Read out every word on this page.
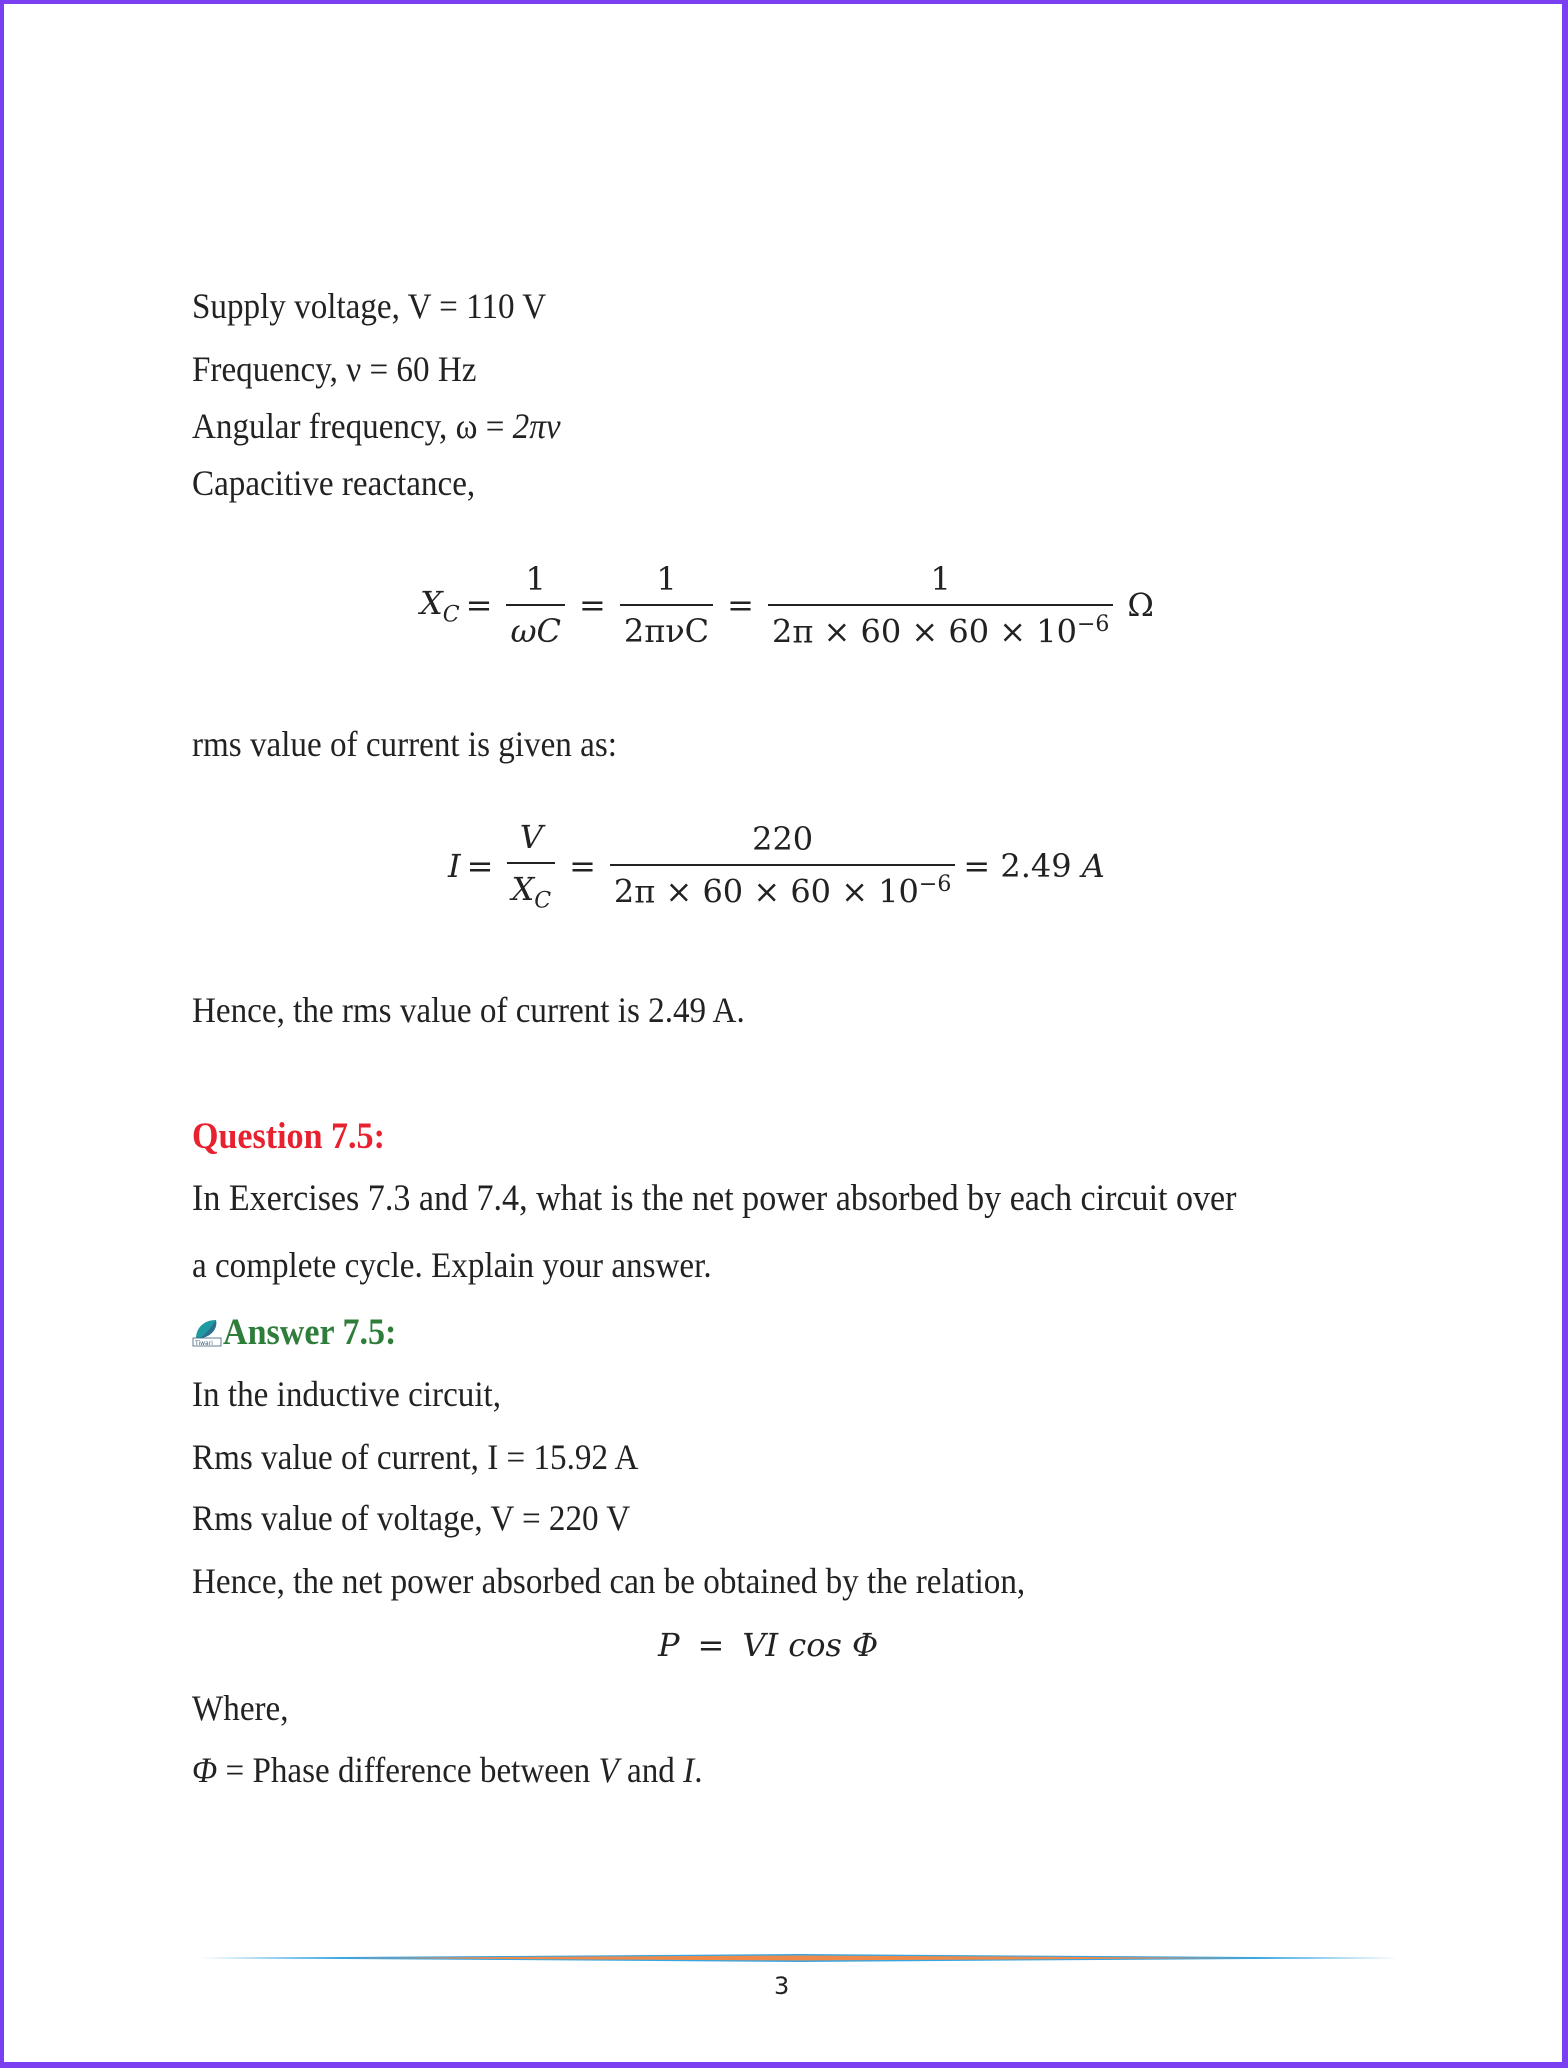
Supply voltage, V = 110 V
Frequency, ν = 60 Hz
Angular frequency, ω = 2πν
Capacitive reactance,
$X_C = \frac{1}{\omega C} = \frac{1}{\text{2πνC}} = \frac{1}{2\pi \times 60 \times 60 \times 10^{-6}}$ Ω
rms value of current is given as:
$I = \frac{V}{X_C} = \frac{220}{2\pi \times 60 \times 60 \times 10^{-6}} = 2.49$ A
Hence, the rms value of current is 2.49 A.
Question 7.5:
In Exercises 7.3 and 7.4, what is the net power absorbed by each circuit over
a complete cycle. Explain your answer.
Tiwari Answer 7.5:
In the inductive circuit,
Rms value of current, I = 15.92 A
Rms value of voltage, V = 220 V
Hence, the net power absorbed can be obtained by the relation,
P = VI cos Φ
Where,
Φ = Phase difference between V and I.
3
